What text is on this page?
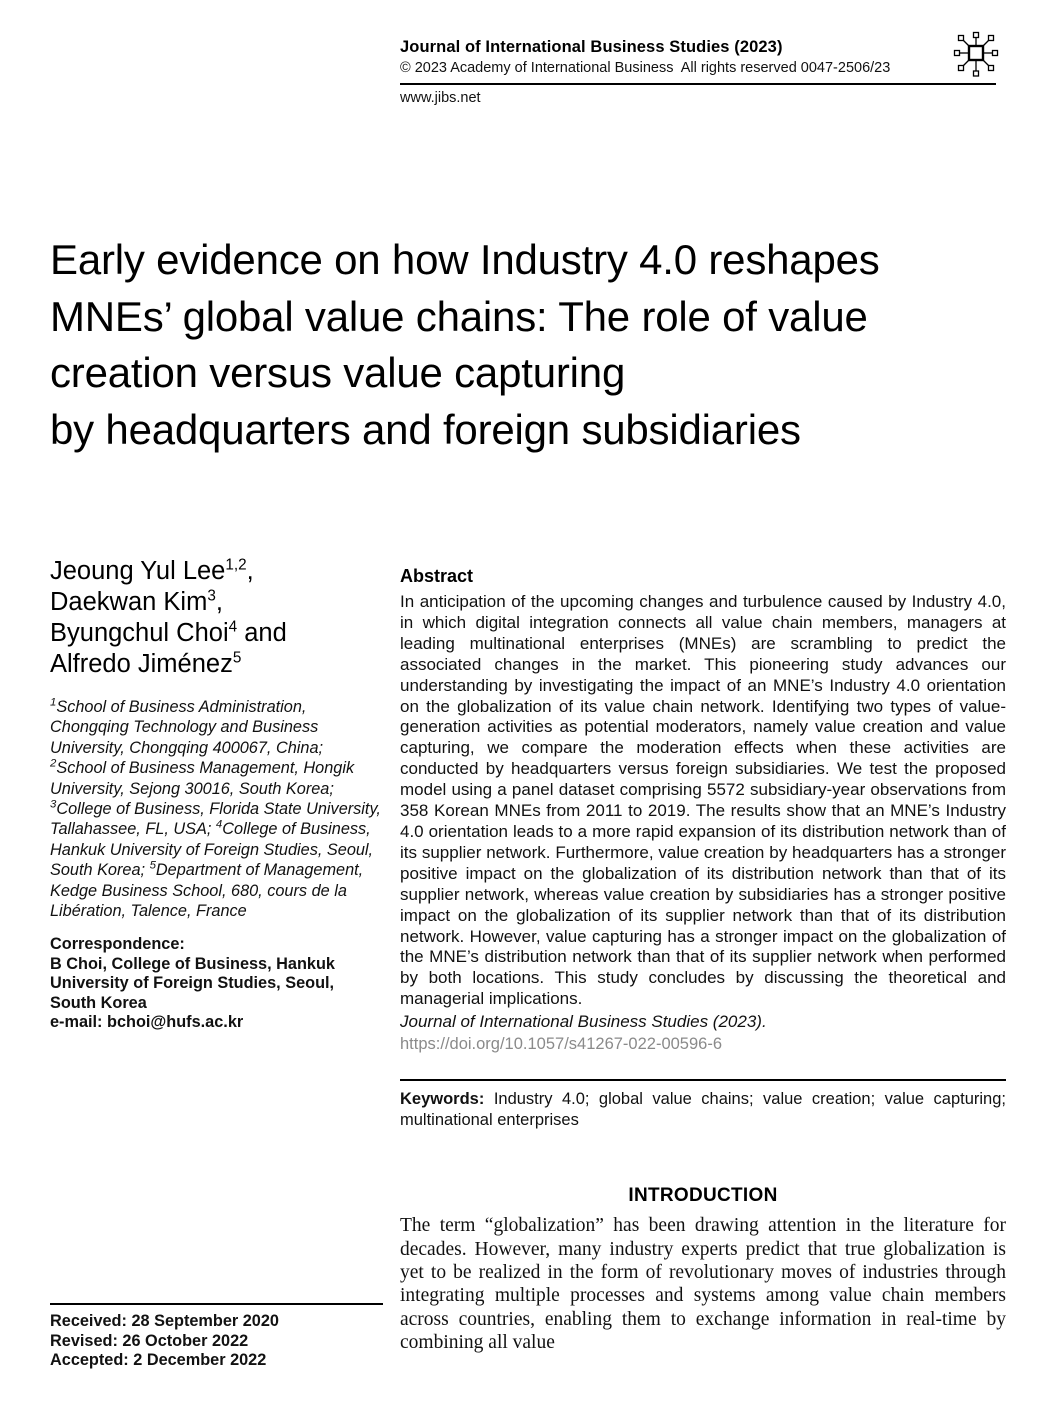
Journal of International Business Studies (2023)
© 2023 Academy of International Business  All rights reserved 0047-2506/23
www.jibs.net
Early evidence on how Industry 4.0 reshapes
MNEs’ global value chains: The role of value
creation versus value capturing
by headquarters and foreign subsidiaries
Jeoung Yul Lee$^{1,2}$,
Daekwan Kim$^3$,
Byungchul Choi$^4$ and
Alfredo Jiménez$^5$

$^1$School of Business Administration, Chongqing Technology and Business University, Chongqing 400067, China; $^2$School of Business Management, Hongik University, Sejong 30016, South Korea; $^3$College of Business, Florida State University, Tallahassee, FL, USA; $^4$College of Business, Hankuk University of Foreign Studies, Seoul, South Korea; $^5$Department of Management, Kedge Business School, 680, cours de la Libération, Talence, France

Correspondence:
B Choi, College of Business, Hankuk University of Foreign Studies, Seoul, South Korea
e-mail: bchoi@hufs.ac.kr
Abstract

In anticipation of the upcoming changes and turbulence caused by Industry 4.0, in which digital integration connects all value chain members, managers at leading multinational enterprises (MNEs) are scrambling to predict the associated changes in the market. This pioneering study advances our understanding by investigating the impact of an MNE’s Industry 4.0 orientation on the globalization of its value chain network. Identifying two types of value-generation activities as potential moderators, namely value creation and value capturing, we compare the moderation effects when these activities are conducted by headquarters versus foreign subsidiaries. We test the proposed model using a panel dataset comprising 5572 subsidiary-year observations from 358 Korean MNEs from 2011 to 2019. The results show that an MNE’s Industry 4.0 orientation leads to a more rapid expansion of its distribution network than of its supplier network. Furthermore, value creation by headquarters has a stronger positive impact on the globalization of its distribution network than that of its supplier network, whereas value creation by subsidiaries has a stronger positive impact on the globalization of its supplier network than that of its distribution network. However, value capturing has a stronger impact on the globalization of the MNE’s distribution network than that of its supplier network when performed by both locations. This study concludes by discussing the theoretical and managerial implications.

Journal of International Business Studies (2023).

https://doi.org/10.1057/s41267-022-00596-6

Keywords: Industry 4.0; global value chains; value creation; value capturing; multinational enterprises

INTRODUCTION

The term “globalization” has been drawing attention in the literature for decades. However, many industry experts predict that true globalization is yet to be realized in the form of revolutionary moves of industries through integrating multiple processes and systems among value chain members across countries, enabling them to exchange information in real-time by combining all value

Received: 28 September 2020
Revised: 26 October 2022
Accepted: 2 December 2022
